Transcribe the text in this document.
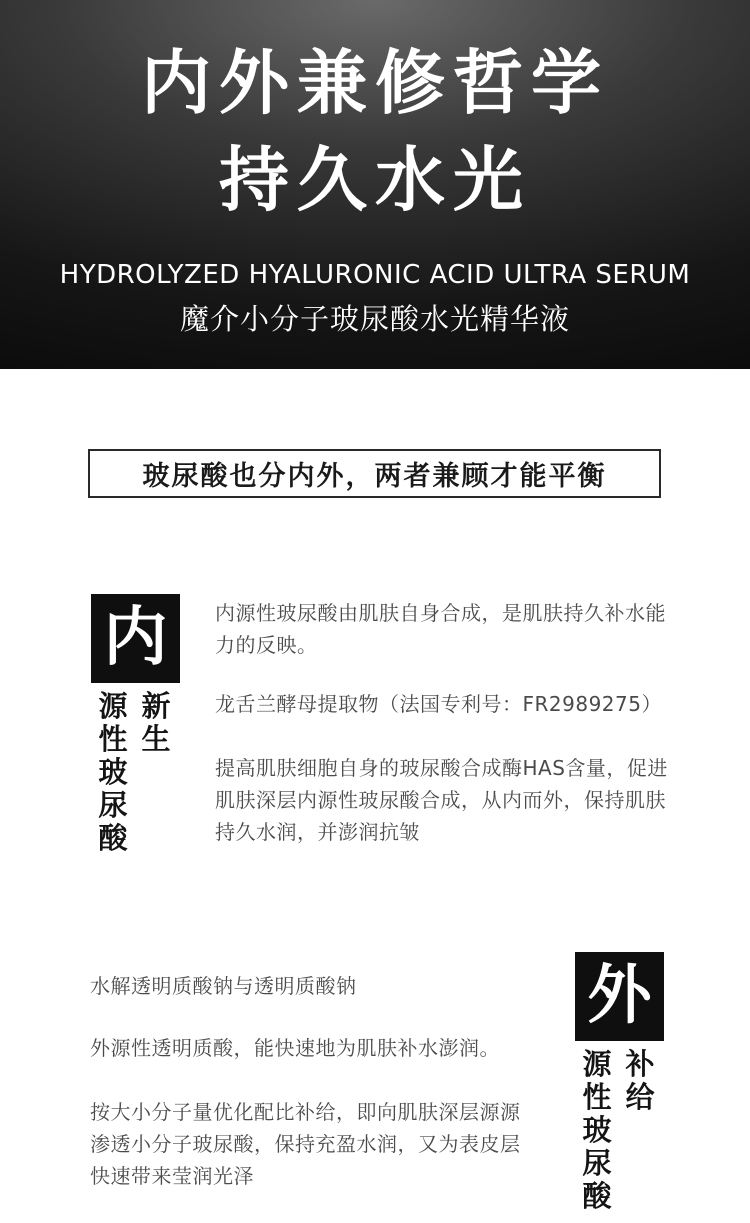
内外兼修哲学
持久水光
HYDROLYZED HYALURONIC ACID ULTRA SERUM
魔介小分子玻尿酸水光精华液
玻尿酸也分内外，两者兼顾才能平衡
内
源性玻尿酸
新生
内源性玻尿酸由肌肤自身合成，是肌肤持久补水能力的反映。
龙舌兰酵母提取物（法国专利号：FR2989275）
提高肌肤细胞自身的玻尿酸合成酶HAS含量，促进肌肤深层内源性玻尿酸合成，从内而外，保持肌肤持久水润，并澎润抗皱
水解透明质酸钠与透明质酸钠
外源性透明质酸，能快速地为肌肤补水澎润。
按大小分子量优化配比补给，即向肌肤深层源源渗透小分子玻尿酸，保持充盈水润，又为表皮层快速带来莹润光泽
外
源性玻尿酸
补给
